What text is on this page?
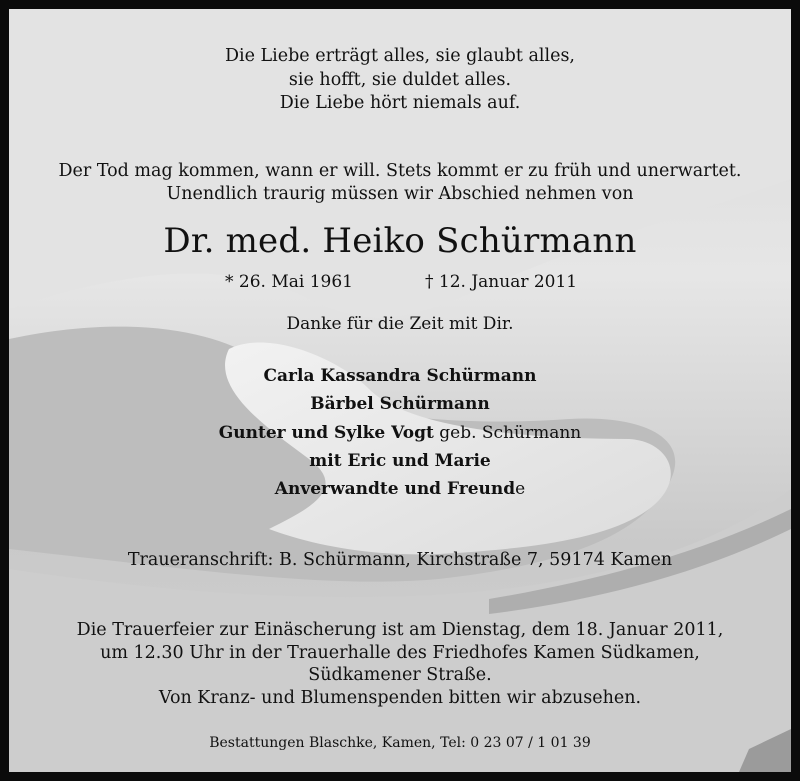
Die Liebe erträgt alles, sie glaubt alles,
sie hofft, sie duldet alles.
Die Liebe hört niemals auf.
Der Tod mag kommen, wann er will. Stets kommt er zu früh und unerwartet.
Unendlich traurig müssen wir Abschied nehmen von
Dr. med. Heiko Schürmann
* 26. Mai 1961	† 12. Januar 2011
Danke für die Zeit mit Dir.
Carla Kassandra Schürmann
Bärbel Schürmann
Gunter und Sylke Vogt geb. Schürmann
mit Eric und Marie
Anverwandte und Freunde
Traueranschrift: B. Schürmann, Kirchstraße 7, 59174 Kamen
Die Trauerfeier zur Einäscherung ist am Dienstag, dem 18. Januar 2011,
um 12.30 Uhr in der Trauerhalle des Friedhofes Kamen Südkamen,
Südkamener Straße.
Von Kranz- und Blumenspenden bitten wir abzusehen.
Bestattungen Blaschke, Kamen, Tel: 0 23 07 / 1 01 39
